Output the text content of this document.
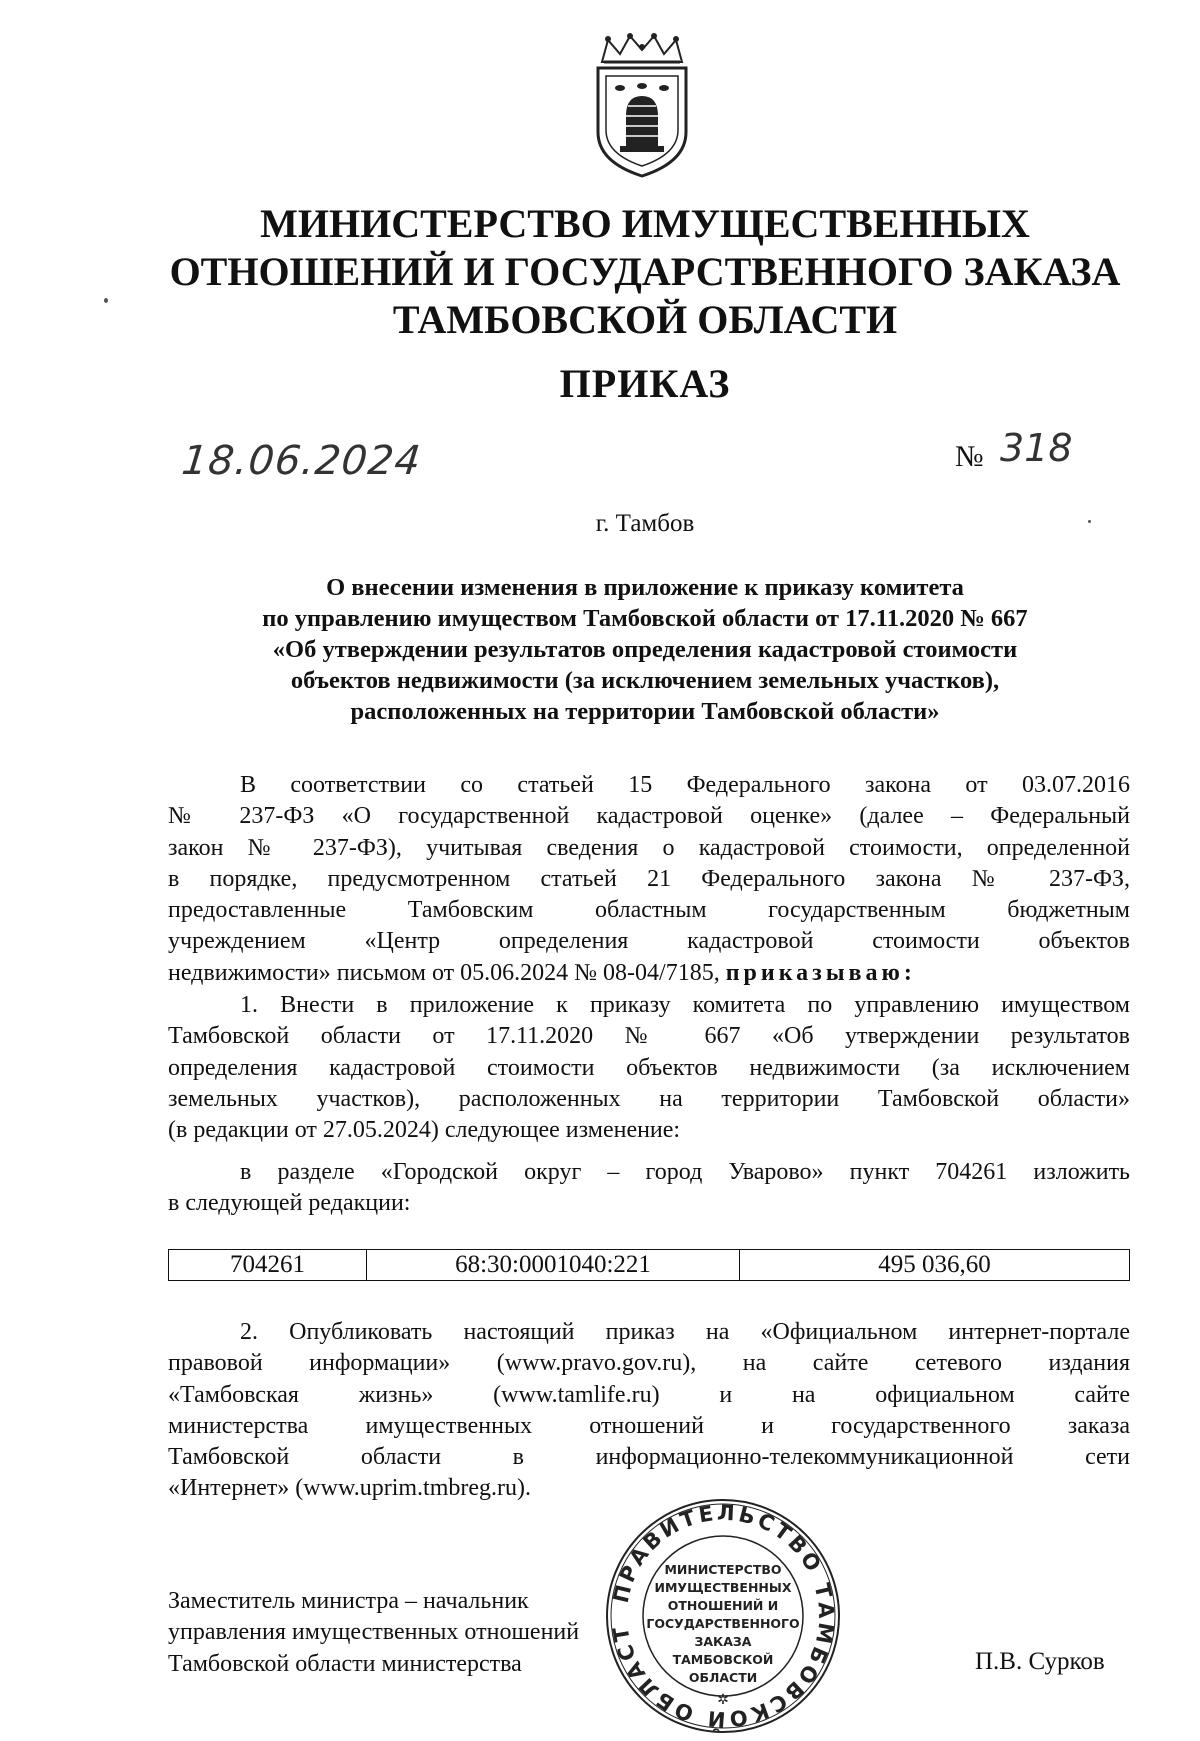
МИНИСТЕРСТВО ИМУЩЕСТВЕННЫХ
ОТНОШЕНИЙ И ГОСУДАРСТВЕННОГО ЗАКАЗА
ТАМБОВСКОЙ ОБЛАСТИ
ПРИКАЗ
18.06.2024	№ 318
г. Тамбов
О внесении изменения в приложение к приказу комитета
по управлению имуществом Тамбовской области от 17.11.2020 № 667
«Об утверждении результатов определения кадастровой стоимости
объектов недвижимости (за исключением земельных участков),
расположенных на территории Тамбовской области»
В соответствии со статьей 15 Федерального закона от 03.07.2016
№ 237-ФЗ «О государственной кадастровой оценке» (далее – Федеральный
закон № 237-ФЗ), учитывая сведения о кадастровой стоимости, определенной
в порядке, предусмотренном статьей 21 Федерального закона № 237-ФЗ,
предоставленные Тамбовским областным государственным бюджетным
учреждением «Центр определения кадастровой стоимости объектов
недвижимости» письмом от 05.06.2024 № 08-04/7185, приказываю:
1. Внести в приложение к приказу комитета по управлению имуществом
Тамбовской области от 17.11.2020 № 667 «Об утверждении результатов
определения кадастровой стоимости объектов недвижимости (за исключением
земельных участков), расположенных на территории Тамбовской области»
(в редакции от 27.05.2024) следующее изменение:
в разделе «Городской округ – город Уварово» пункт 704261 изложить
в следующей редакции:
704261	68:30:0001040:221	495 036,60
2. Опубликовать настоящий приказ на «Официальном интернет-портале
правовой информации» (www.pravo.gov.ru), на сайте сетевого издания
«Тамбовская жизнь» (www.tamlife.ru) и на официальном сайте
министерства имущественных отношений и государственного заказа
Тамбовской области в информационно-телекоммуникационной сети
«Интернет» (www.uprim.tmbreg.ru).
Заместитель министра – начальник
управления имущественных отношений
Тамбовской области министерства	П.В. Сурков
ПРАВИТЕЛЬСТВО ТАМБОВСКОЙ ОБЛАСТ
МИНИСТЕРСТВО
ИМУЩЕСТВЕННЫХ
ОТНОШЕНИЙ И
ГОСУДАРСТВЕННОГО
ЗАКАЗА
ТАМБОВСКОЙ
ОБЛАСТИ
✲
